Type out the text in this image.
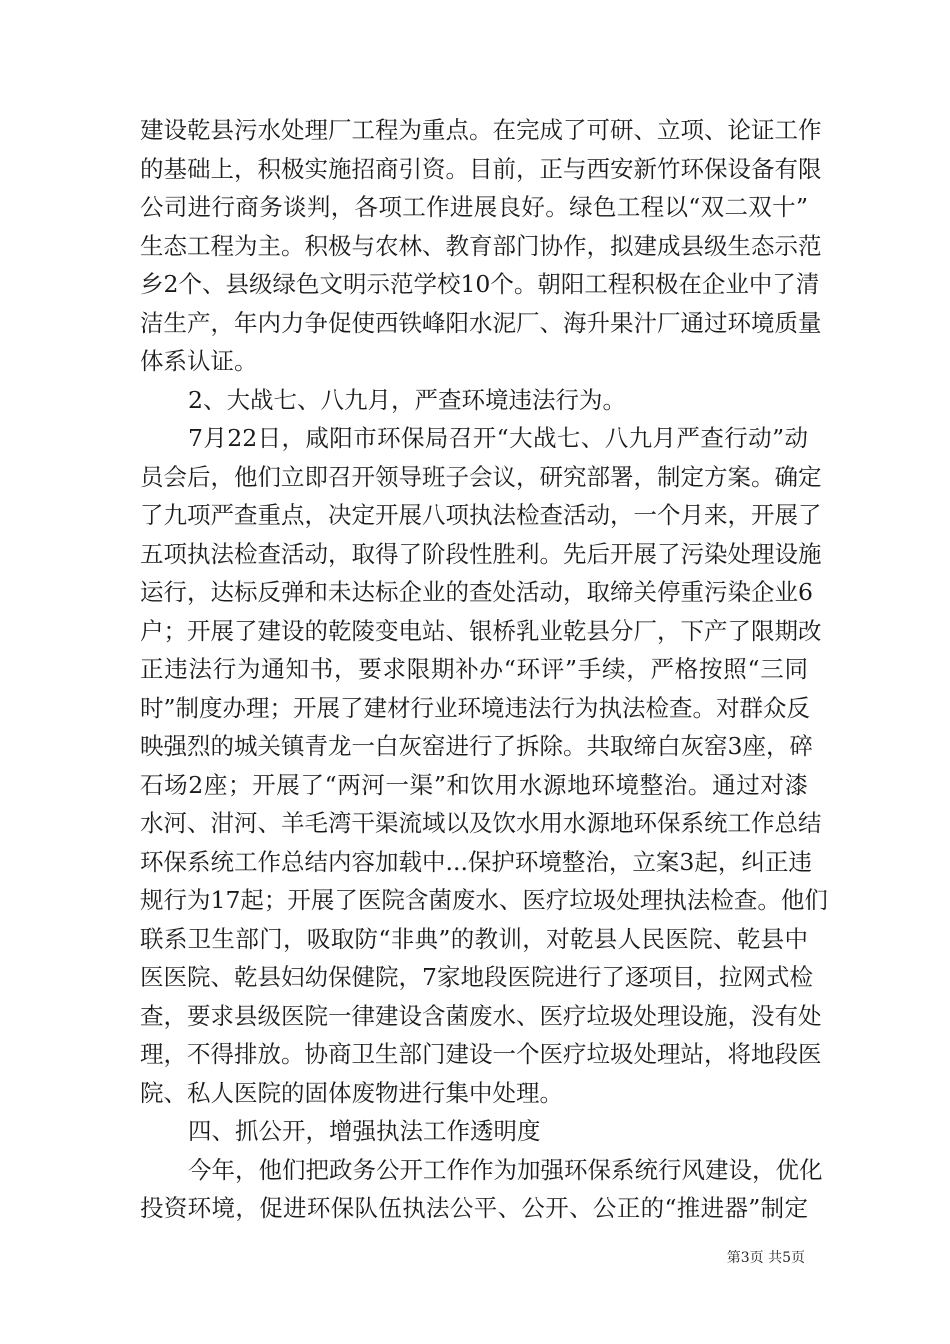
建设乾县污水处理厂工程为重点。在完成了可研、立项、论证工作
的基础上，积极实施招商引资。目前，正与西安新竹环保设备有限
公司进行商务谈判，各项工作进展良好。绿色工程以“双二双十”
生态工程为主。积极与农林、教育部门协作，拟建成县级生态示范
乡2个、县级绿色文明示范学校10个。朝阳工程积极在企业中了清
洁生产，年内力争促使西铁峰阳水泥厂、海升果汁厂通过环境质量
体系认证。
2、大战七、八九月，严查环境违法行为。
7月22日，咸阳市环保局召开“大战七、八九月严查行动”动
员会后，他们立即召开领导班子会议，研究部署，制定方案。确定
了九项严查重点，决定开展八项执法检查活动，一个月来，开展了
五项执法检查活动，取得了阶段性胜利。先后开展了污染处理设施
运行，达标反弹和未达标企业的查处活动，取缔关停重污染企业6
户；开展了建设的乾陵变电站、银桥乳业乾县分厂，下产了限期改
正违法行为通知书，要求限期补办“环评”手续，严格按照“三同
时”制度办理；开展了建材行业环境违法行为执法检查。对群众反
映强烈的城关镇青龙一白灰窑进行了拆除。共取缔白灰窑3座，碎
石场2座；开展了“两河一渠”和饮用水源地环境整治。通过对漆
水河、泔河、羊毛湾干渠流域以及饮水用水源地环保系统工作总结
环保系统工作总结内容加载中...保护环境整治，立案3起，纠正违
规行为17起；开展了医院含菌废水、医疗垃圾处理执法检查。他们
联系卫生部门，吸取防“非典”的教训，对乾县人民医院、乾县中
医医院、乾县妇幼保健院，7家地段医院进行了逐项目，拉网式检
查，要求县级医院一律建设含菌废水、医疗垃圾处理设施，没有处
理，不得排放。协商卫生部门建设一个医疗垃圾处理站，将地段医
院、私人医院的固体废物进行集中处理。
四、抓公开，增强执法工作透明度
今年，他们把政务公开工作作为加强环保系统行风建设，优化
投资环境，促进环保队伍执法公平、公开、公正的“推进器”制定
第3页 共5页
